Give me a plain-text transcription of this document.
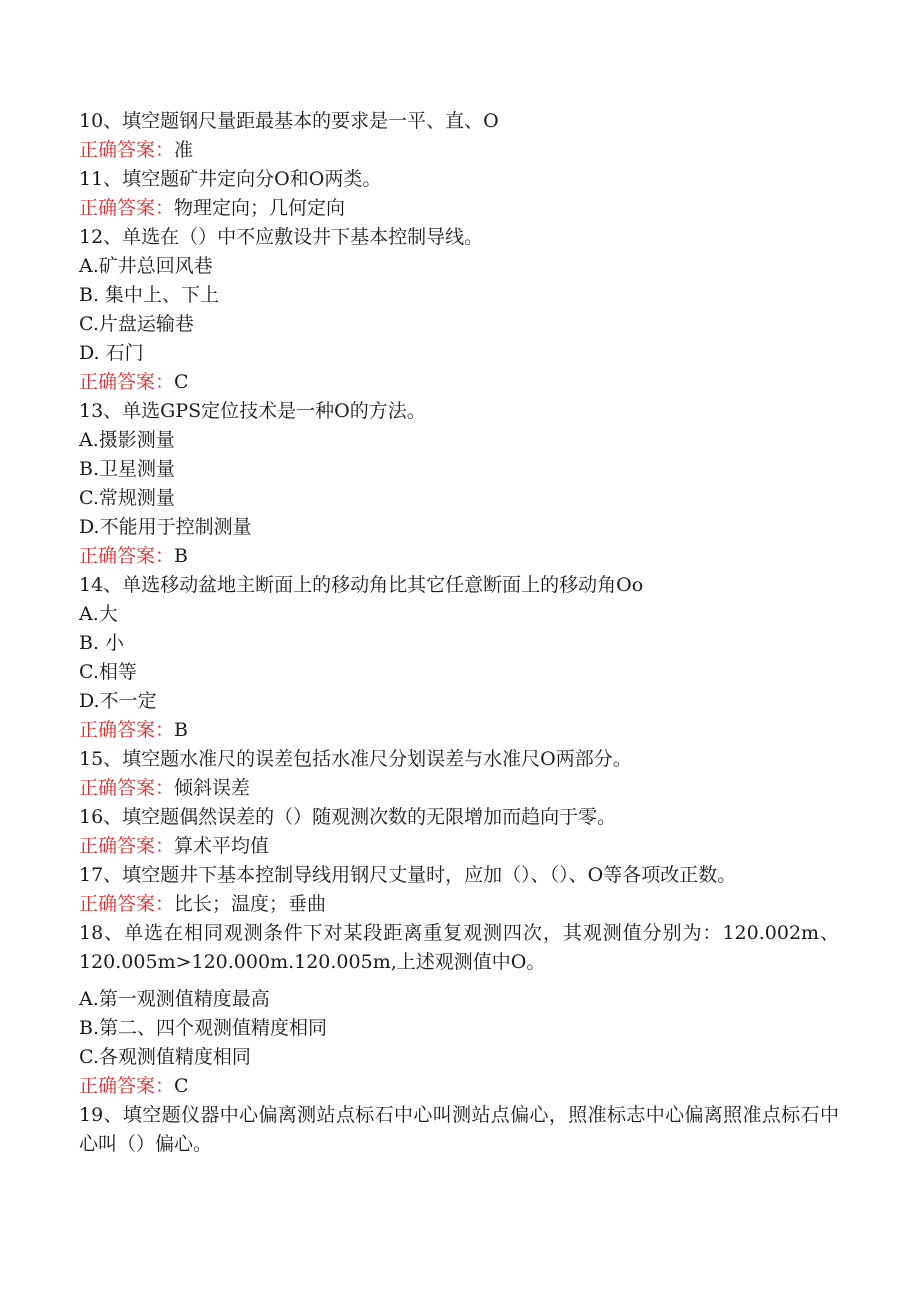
10、填空题钢尺量距最基本的要求是一平、直、O
正确答案：准
11、填空题矿井定向分O和O两类。
正确答案：物理定向；几何定向
12、单选在（）中不应敷设井下基本控制导线。
A.矿井总回风巷
B. 集中上、下上
C.片盘运输巷
D. 石门
正确答案：C
13、单选GPS定位技术是一种O的方法。
A.摄影测量
B.卫星测量
C.常规测量
D.不能用于控制测量
正确答案：B
14、单选移动盆地主断面上的移动角比其它任意断面上的移动角Oo
A.大
B. 小
C.相等
D.不一定
正确答案：B
15、填空题水准尺的误差包括水准尺分划误差与水准尺O两部分。
正确答案：倾斜误差
16、填空题偶然误差的（）随观测次数的无限增加而趋向于零。
正确答案：算术平均值
17、填空题井下基本控制导线用钢尺丈量时，应加（）、（）、O等各项改正数。
正确答案：比长；温度；垂曲
18、单选在相同观测条件下对某段距离重复观测四次，其观测值分别为：120.002m、120.005m>120.000m.120.005m,上述观测值中O。
A.第一观测值精度最高
B.第二、四个观测值精度相同
C.各观测值精度相同
正确答案：C
19、填空题仪器中心偏离测站点标石中心叫测站点偏心，照准标志中心偏离照准点标石中心叫（）偏心。
